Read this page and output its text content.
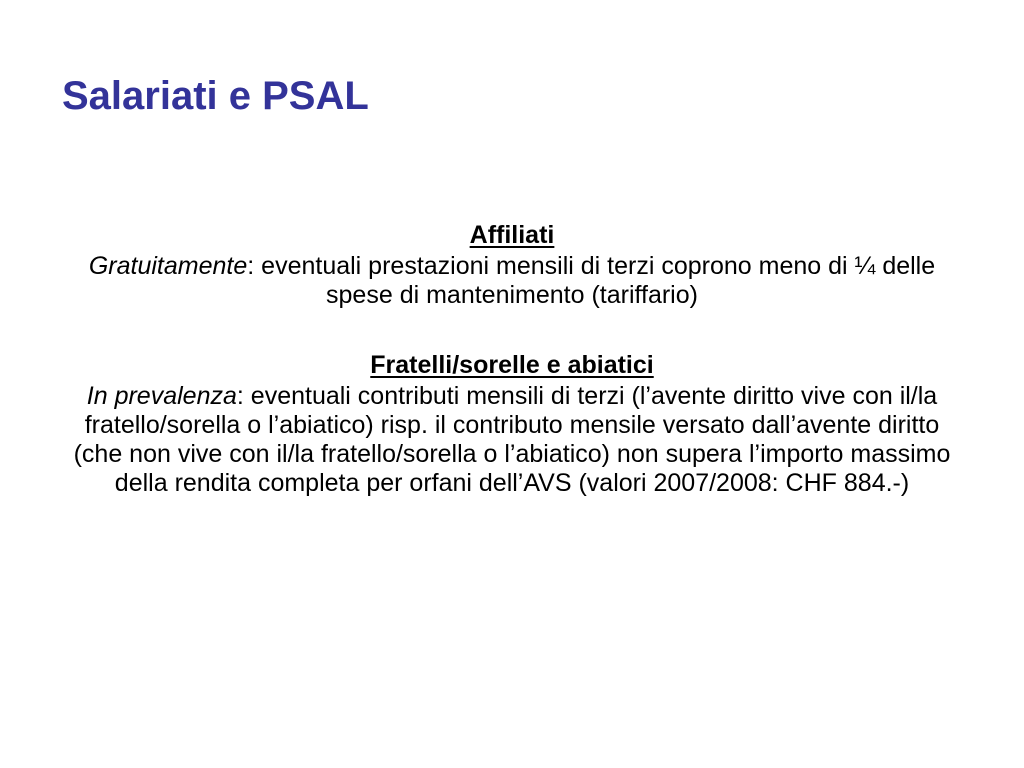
Salariati e PSAL
Affiliati

Gratuitamente: eventuali prestazioni mensili di terzi coprono meno di ¼ delle spese di mantenimento (tariffario)

Fratelli/sorelle e abiatici

In prevalenza: eventuali contributi mensili di terzi (l’avente diritto vive con il/la fratello/sorella o l’abiatico) risp. il contributo mensile versato dall’avente diritto (che non vive con il/la fratello/sorella o l’abiatico) non supera l’importo massimo della rendita completa per orfani dell’AVS (valori 2007/2008: CHF 884.-)
